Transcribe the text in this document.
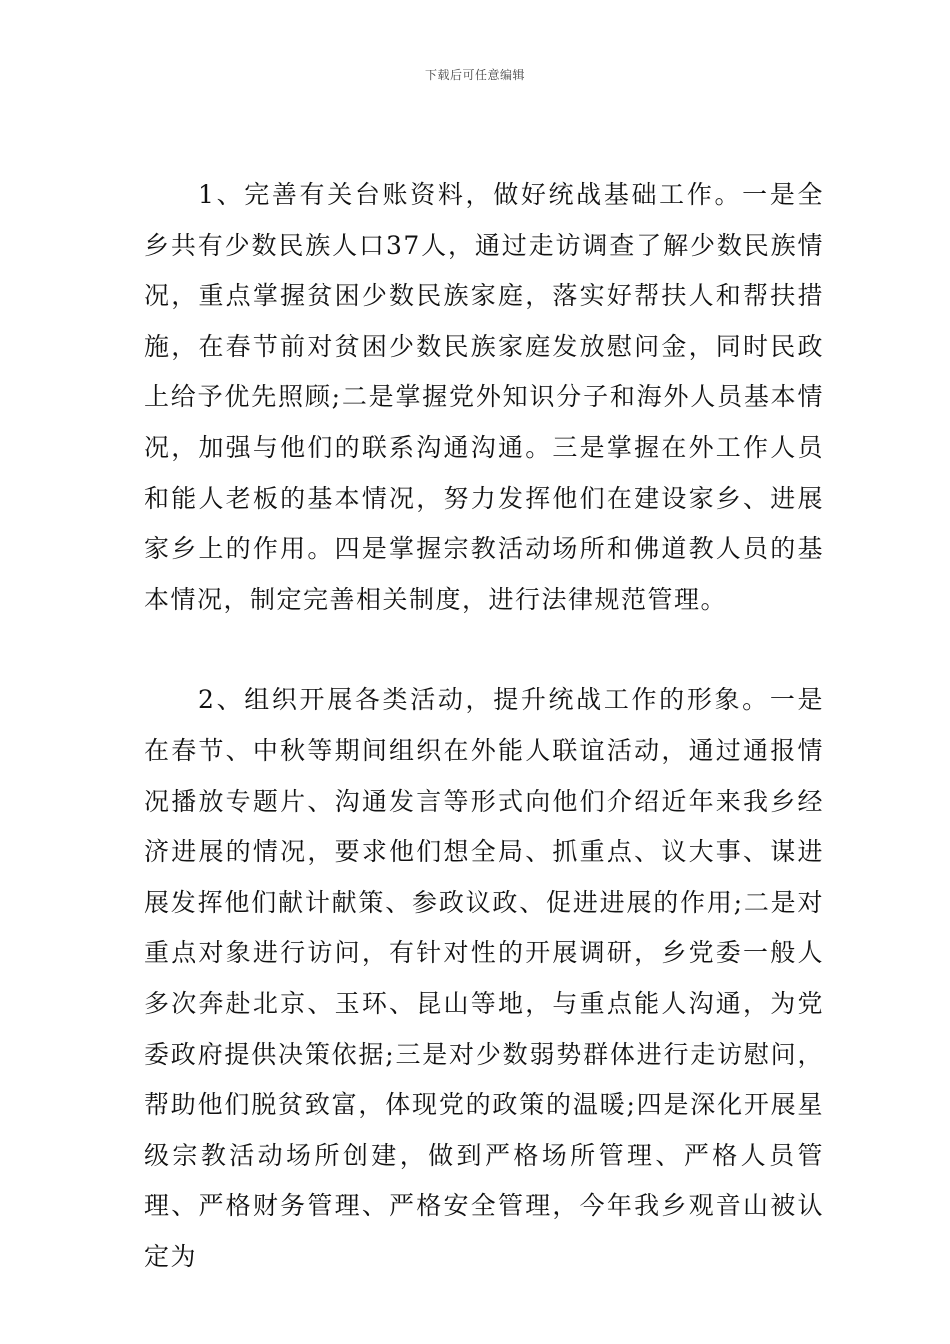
下载后可任意编辑

1、完善有关台账资料，做好统战基础工作。一是全乡共有少数民族人口37人，通过走访调查了解少数民族情况，重点掌握贫困少数民族家庭，落实好帮扶人和帮扶措施，在春节前对贫困少数民族家庭发放慰问金，同时民政上给予优先照顾;二是掌握党外知识分子和海外人员基本情况，加强与他们的联系沟通沟通。三是掌握在外工作人员和能人老板的基本情况，努力发挥他们在建设家乡、进展家乡上的作用。四是掌握宗教活动场所和佛道教人员的基本情况，制定完善相关制度，进行法律规范管理。

2、组织开展各类活动，提升统战工作的形象。一是在春节、中秋等期间组织在外能人联谊活动，通过通报情况播放专题片、沟通发言等形式向他们介绍近年来我乡经济进展的情况，要求他们想全局、抓重点、议大事、谋进展发挥他们献计献策、参政议政、促进进展的作用;二是对重点对象进行访问，有针对性的开展调研，乡党委一般人多次奔赴北京、玉环、昆山等地，与重点能人沟通，为党委政府提供决策依据;三是对少数弱势群体进行走访慰问，帮助他们脱贫致富，体现党的政策的温暖;四是深化开展星级宗教活动场所创建，做到严格场所管理、严格人员管理、严格财务管理、严格安全管理，今年我乡观音山被认定为
